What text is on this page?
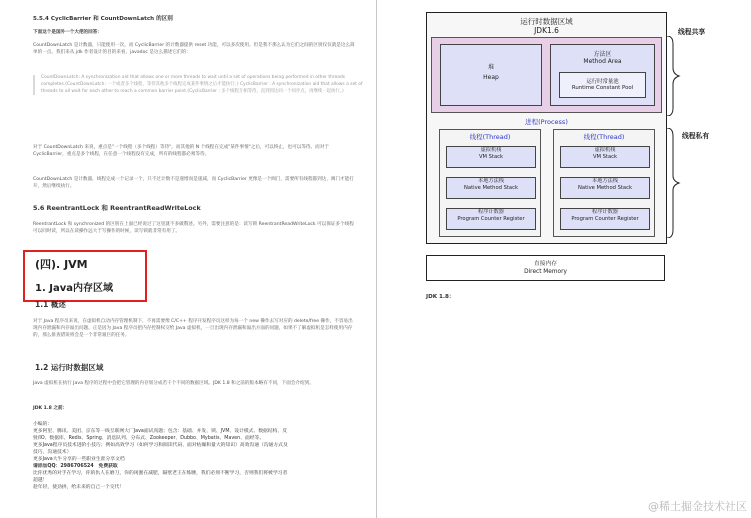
5.5.4 CyclicBarrier 和 CountDownLatch 的区别
下面这个是国外一个大佬的回答：
CountDownLatch 是计数器，只能使用一次，而 CyclicBarrier 的计数器提供 reset 功能，可以多次使用。但是我不那么认为它们之间的区别仅仅就是这么简单的一点。我们来从 jdk 作者设计的目的来看，javadoc 是这么描述它们的：
CountDownLatch: A synchronization aid that allows one or more threads to wait until a set of operations being performed in other threads completes.(CountDownLatch: 一个或者多个线程，等待其他多个线程完成某件事情之后才能执行；) CyclicBarrier : A synchronization aid that allows a set of threads to all wait for each other to reach a common barrier point.(CyclicBarrier : 多个线程互相等待，直到到达同一个同步点，再继续一起执行。)
对于 CountDownLatch 来说，重点是"一个线程（多个线程）等待"，而其他的 N 个线程在完成"某件事情"之后，可以终止，也可以等待。而对于 CyclicBarrier，重点是多个线程，在任意一个线程没有完成，所有的线程都必须等待。
CountDownLatch 是计数器，线程完成一个记录一个，只不过计数不是递增而是递减，而 CyclicBarrier 更像是一个阀门，需要所有线程都到达，阀门才能打开，然后继续执行。
5.6 ReentrantLock 和 ReentrantReadWriteLock
ReentrantLock 和 synchronized 的区别在上面已经说过了这里就不多做赘述。另外，需要注意的是：读写锁 ReentrantReadWriteLock 可以保证多个线程可以同时读，所以在读操作远大于写操作的时候，读写锁就非常有用了。
(四). JVM
1. Java内存区域
1.1 概述
对于 Java 程序员来说，在虚拟机自动内存管理机制下，不再需要像 C/C++ 程序开发程序员这样为每一个 new 操作去写对应的 delete/free 操作，不容易出现内存泄漏和内存溢出问题。正是因为 Java 程序员把内存控制权交给 Java 虚拟机，一旦出现内存泄漏和溢出方面的问题，如果不了解虚拟机是怎样使用内存的，那么排查错误将会是一个非常艰巨的任务。
1.2 运行时数据区域
Java 虚拟机在执行 Java 程序的过程中会把它管理的内存划分成若干个不同的数据区域。JDK 1.8 和之前的版本略有不同，下面会介绍到。
JDK 1.8 之前：
小编的：
更多阿里、腾讯、美团、京东等一线互联网大厂Java面试真题；包含：基础、并发、锁、JVM、设计模式、数据结构、反
射/IO、数据库、Redis、Spring、消息队列、分布式、Zookeeper、Dubbo、Mybatis、Maven、面经等。
更多Java程序员技术进阶小技巧；例如高效学习（如何学习和阅读代码、面对枯燥和量大的知识）高效沟通（沟通方式及
技巧、沟通技术）
更多Java大牛分享的一些职业生涯分享文档
请添加QQ：2986706524　免费获取
比你优秀的对手在学习，你的仇人在磨刀，你的闺蜜在减肥，隔壁老王在练腰，我们必须不断学习，否则我们将被学习者
超越！
趁年轻，使劲拼，给未来的自己一个交代！
运行时数据区域
JDK1.6
堆
Heap
方法区
Method Area
运行时常量池
Runtime Constant Pool
进程(Process)
线程(Thread)
虚拟机栈
VM Stack
本地方法栈
Native Method Stack
程序计数器
Program Counter Register
线程(Thread)
虚拟机栈
VM Stack
本地方法栈
Native Method Stack
程序计数器
Program Counter Register
线程共享
线程私有
直接内存
Direct Memory
JDK 1.8：
@稀土掘金技术社区
